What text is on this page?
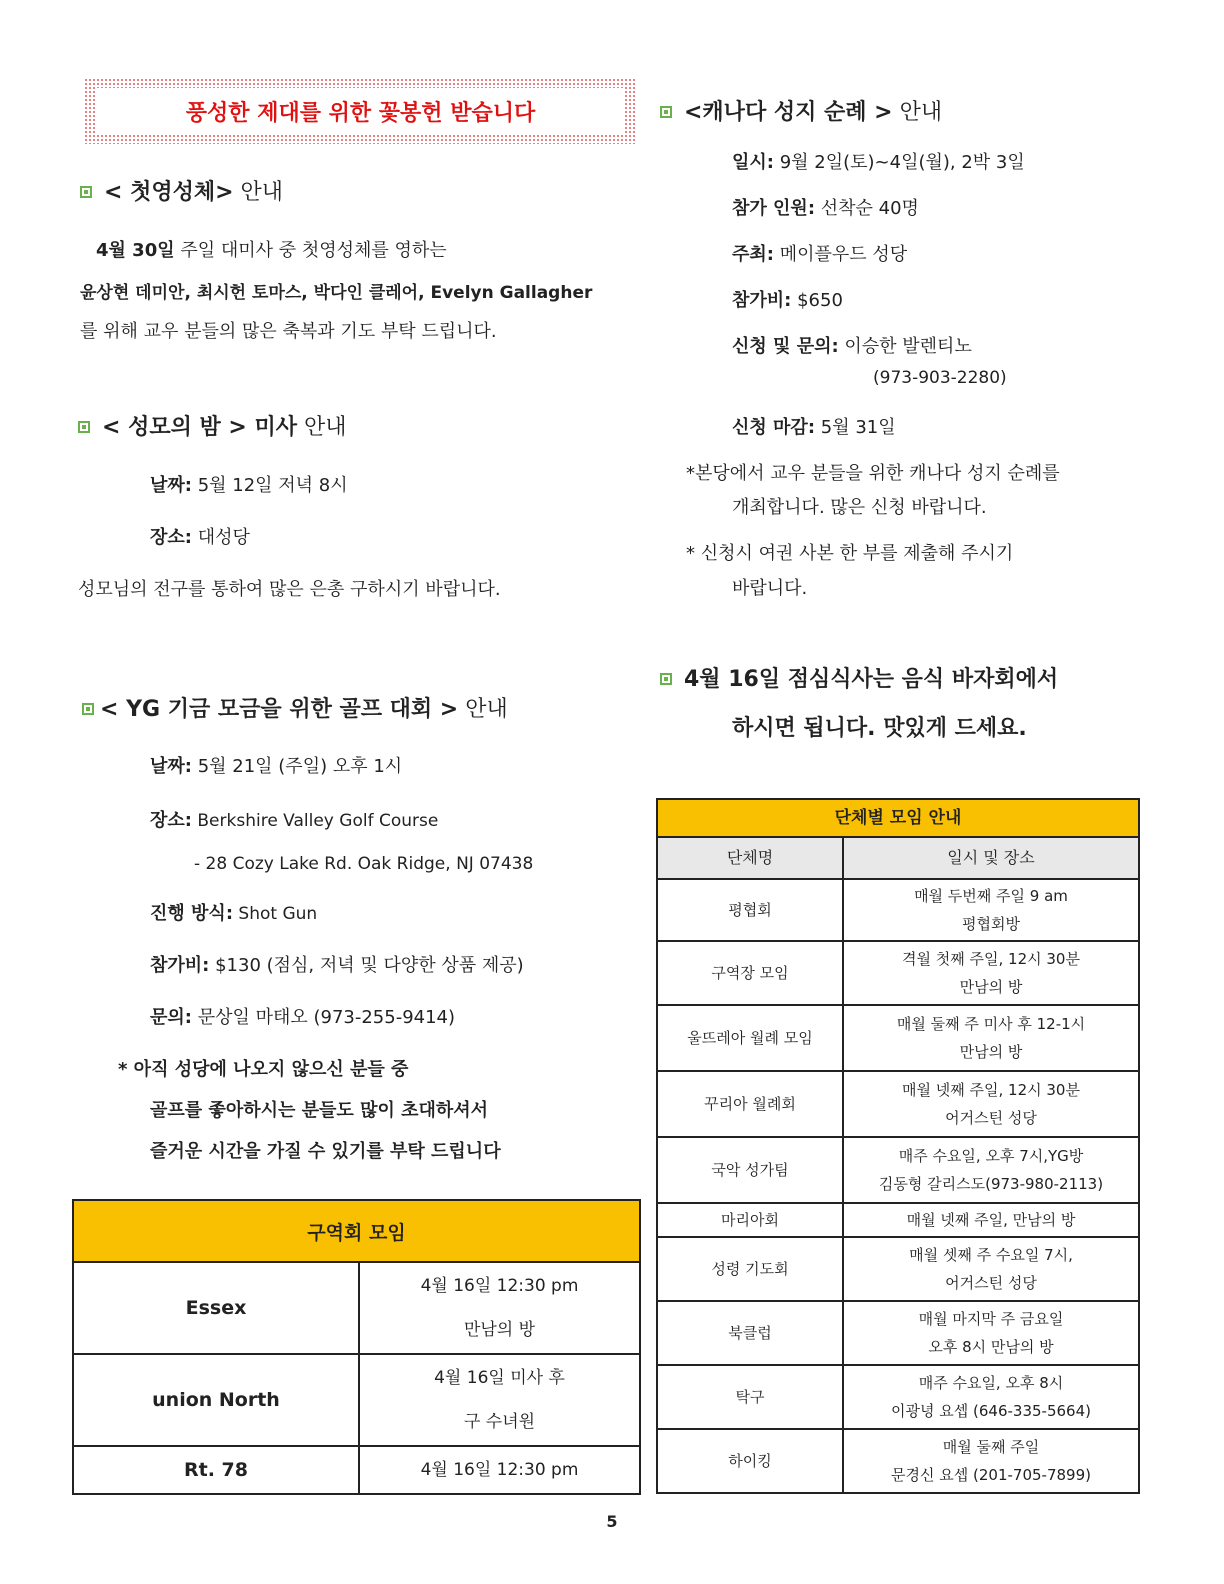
풍성한 제대를 위한 꽃봉헌 받습니다
< 첫영성체> 안내
4월 30일 주일 대미사 중 첫영성체를 영하는
윤상현 데미안, 최시헌 토마스, 박다인 클레어, Evelyn Gallagher
를 위해 교우 분들의 많은 축복과 기도 부탁 드립니다.
< 성모의 밤 > 미사 안내
날짜: 5월 12일 저녁 8시
장소: 대성당
성모님의 전구를 통하여 많은 은총 구하시기 바랍니다.
< YG 기금 모금을 위한 골프 대회 > 안내
날짜: 5월 21일 (주일) 오후 1시
장소: Berkshire Valley Golf Course
- 28 Cozy Lake Rd. Oak Ridge, NJ 07438
진행 방식: Shot Gun
참가비: $130 (점심, 저녁 및 다양한 상품 제공)
문의: 문상일 마태오 (973-255-9414)
* 아직 성당에 나오지 않으신 분들 중
골프를 좋아하시는 분들도 많이 초대하셔서
즐거운 시간을 가질 수 있기를 부탁 드립니다
<캐나다 성지 순례 > 안내
일시: 9월 2일(토)~4일(월), 2박 3일
참가 인원: 선착순 40명
주최: 메이플우드 성당
참가비: $650
신청 및 문의: 이승한 발렌티노
(973-903-2280)
신청 마감: 5월 31일
*본당에서 교우 분들을 위한 캐나다 성지 순례를
개최합니다. 많은 신청 바랍니다.
* 신청시 여권 사본 한 부를 제출해 주시기
바랍니다.
4월 16일 점심식사는 음식 바자회에서
하시면 됩니다. 맛있게 드세요.
구역회 모임	
Essex	4월 16일 12:30 pm
만남의 방

union North	4월 16일 미사 후
구 수녀원

Rt. 78	4월 16일 12:30 pm
단체별 모임 안내	
단체명	일시 및 장소
평협회	매월 두번째 주일 9 am
평협회방

구역장 모임	격월 첫째 주일, 12시 30분
만남의 방

울뜨레아 월례 모임	매월 둘째 주 미사 후 12-1시
만남의 방

꾸리아 월례회	매월 넷째 주일, 12시 30분
어거스틴 성당

국악 성가팀	매주 수요일, 오후 7시,YG방
김동형 갈리스도(973-980-2113)

마리아회	매월 넷째 주일, 만남의 방
성령 기도회	매월 셋째 주 수요일 7시,
어거스틴 성당

북클럽	매월 마지막 주 금요일
오후 8시 만남의 방

탁구	매주 수요일, 오후 8시
이광녕 요셉 (646-335-5664)

하이킹	매월 둘째 주일
문경신 요셉 (201-705-7899)
5
